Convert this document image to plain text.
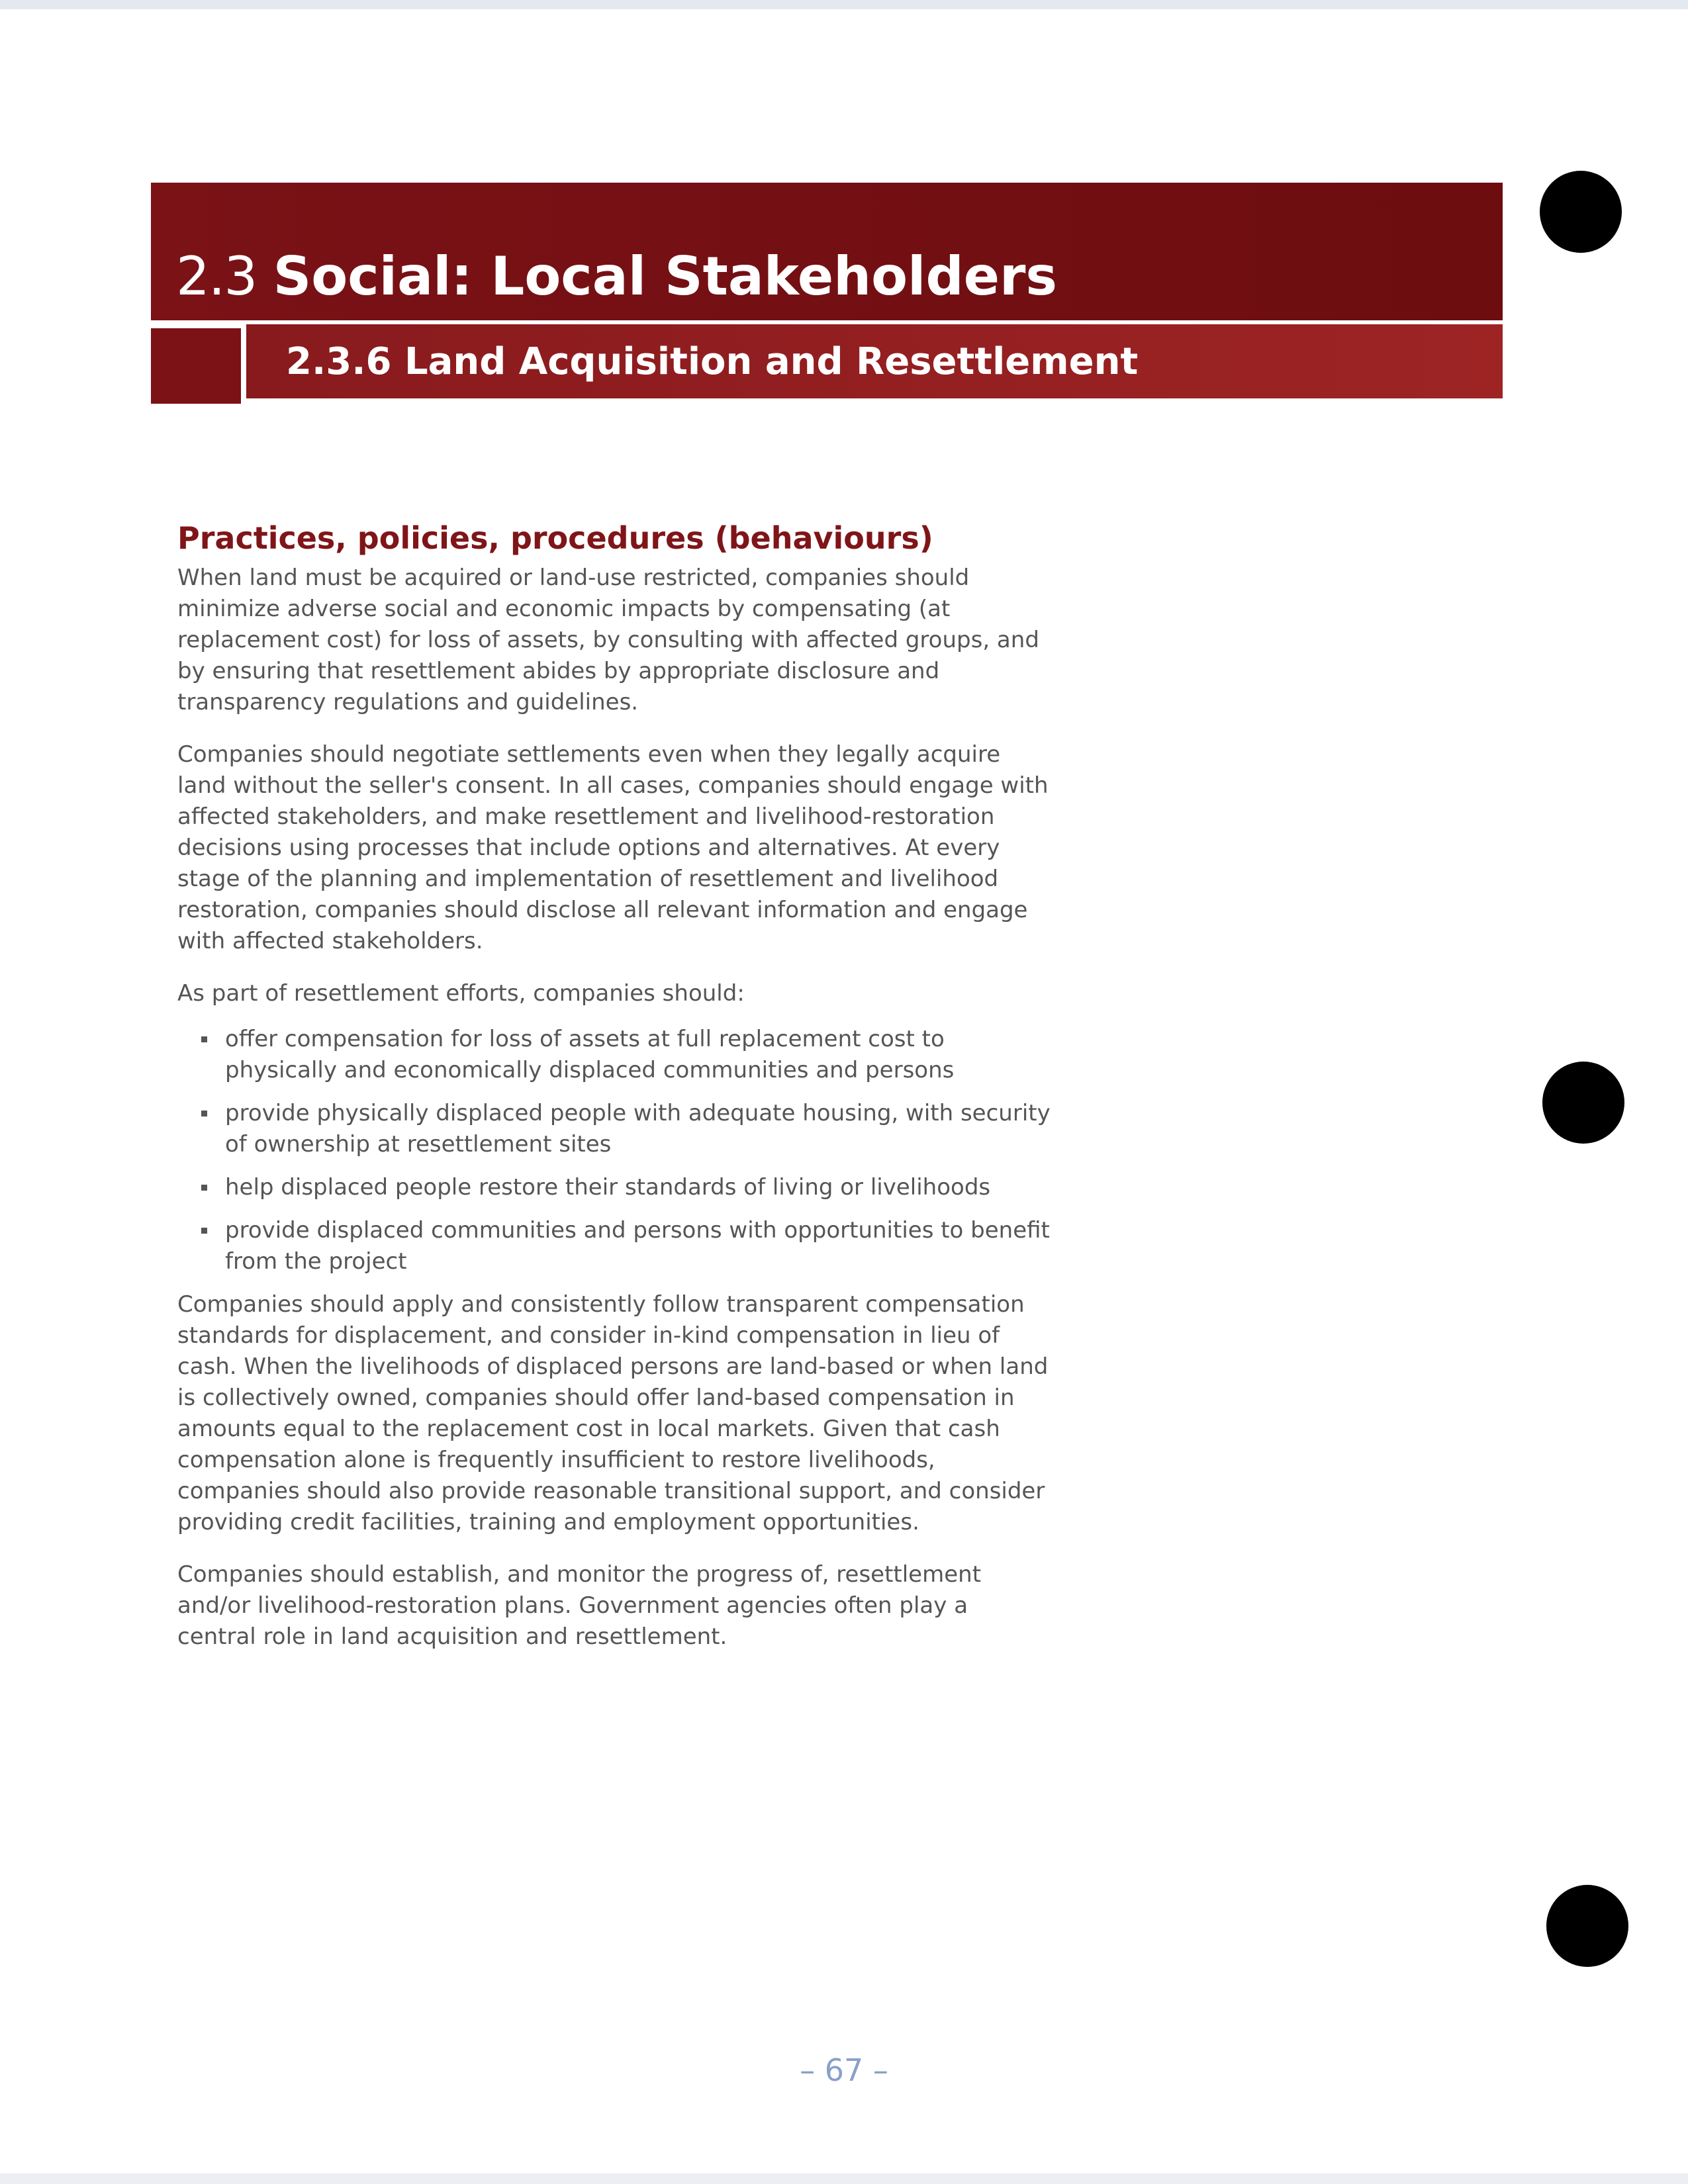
2.3 Social: Local Stakeholders
2.3.6 Land Acquisition and Resettlement
Practices, policies, procedures (behaviours)

When land must be acquired or land-use restricted, companies should minimize adverse social and economic impacts by compensating (at replacement cost) for loss of assets, by consulting with affected groups, and by ensuring that resettlement abides by appropriate disclosure and transparency regulations and guidelines.

Companies should negotiate settlements even when they legally acquire land without the seller's consent. In all cases, companies should engage with affected stakeholders, and make resettlement and livelihood-restoration decisions using processes that include options and alternatives. At every stage of the planning and implementation of resettlement and livelihood restoration, companies should disclose all relevant information and engage with affected stakeholders.

As part of resettlement efforts, companies should:

offer compensation for loss of assets at full replacement cost to physically and economically displaced communities and persons
provide physically displaced people with adequate housing, with security of ownership at resettlement sites
help displaced people restore their standards of living or livelihoods
provide displaced communities and persons with opportunities to benefit from the project

Companies should apply and consistently follow transparent compensation standards for displacement, and consider in-kind compensation in lieu of cash. When the livelihoods of displaced persons are land-based or when land is collectively owned, companies should offer land-based compensation in amounts equal to the replacement cost in local markets. Given that cash compensation alone is frequently insufficient to restore livelihoods, companies should also provide reasonable transitional support, and consider providing credit facilities, training and employment opportunities.

Companies should establish, and monitor the progress of, resettlement and/or livelihood-restoration plans. Government agencies often play a central role in land acquisition and resettlement.

– 67 –
